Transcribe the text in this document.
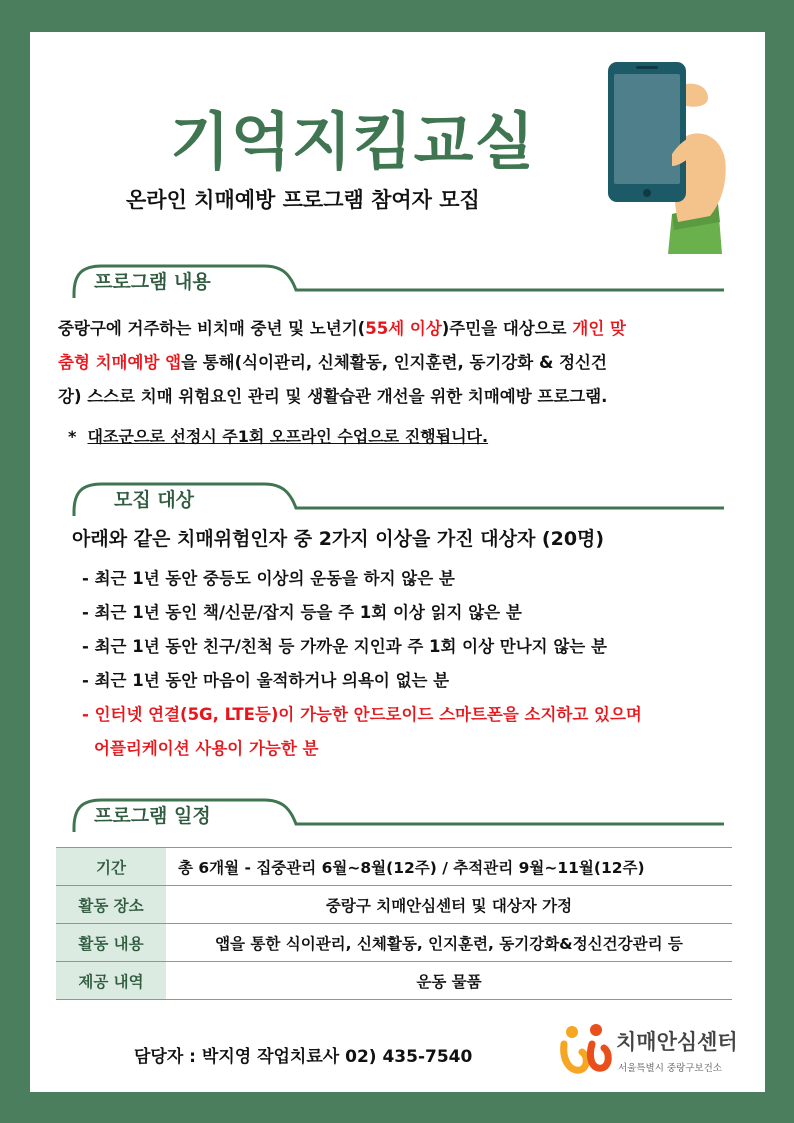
기억지킴교실
온라인 치매예방 프로그램 참여자 모집
프로그램 내용
중랑구에 거주하는 비치매 중년 및 노년기(55세 이상)주민을 대상으로 개인 맞
춤형 치매예방 앱을 통해(식이관리, 신체활동, 인지훈련, 동기강화 & 정신건
강) 스스로 치매 위험요인 관리 및 생활습관 개선을 위한 치매예방 프로그램.
* 대조군으로 선정시 주1회 오프라인 수업으로 진행됩니다.
모집 대상
아래와 같은 치매위험인자 중 2가지 이상을 가진 대상자 (20명)
- 최근 1년 동안 중등도 이상의 운동을 하지 않은 분
- 최근 1년 동인 책/신문/잡지 등을 주 1회 이상 읽지 않은 분
- 최근 1년 동안 친구/친척 등 가까운 지인과 주 1회 이상 만나지 않는 분
- 최근 1년 동안 마음이 울적하거나 의욕이 없는 분
- 인터넷 연결(5G, LTE등)이 가능한 안드로이드 스마트폰을 소지하고 있으며
어플리케이션 사용이 가능한 분
프로그램 일정
기간	총 6개월 - 집중관리 6월~8월(12주) / 추적관리 9월~11월(12주)
활동 장소	중랑구 치매안심센터 및 대상자 가정
활동 내용	앱을 통한 식이관리, 신체활동, 인지훈련, 동기강화&정신건강관리 등
제공 내역	운동 물품
담당자 : 박지영 작업치료사 02) 435-7540
치매안심센터
서울특별시 중랑구보건소
